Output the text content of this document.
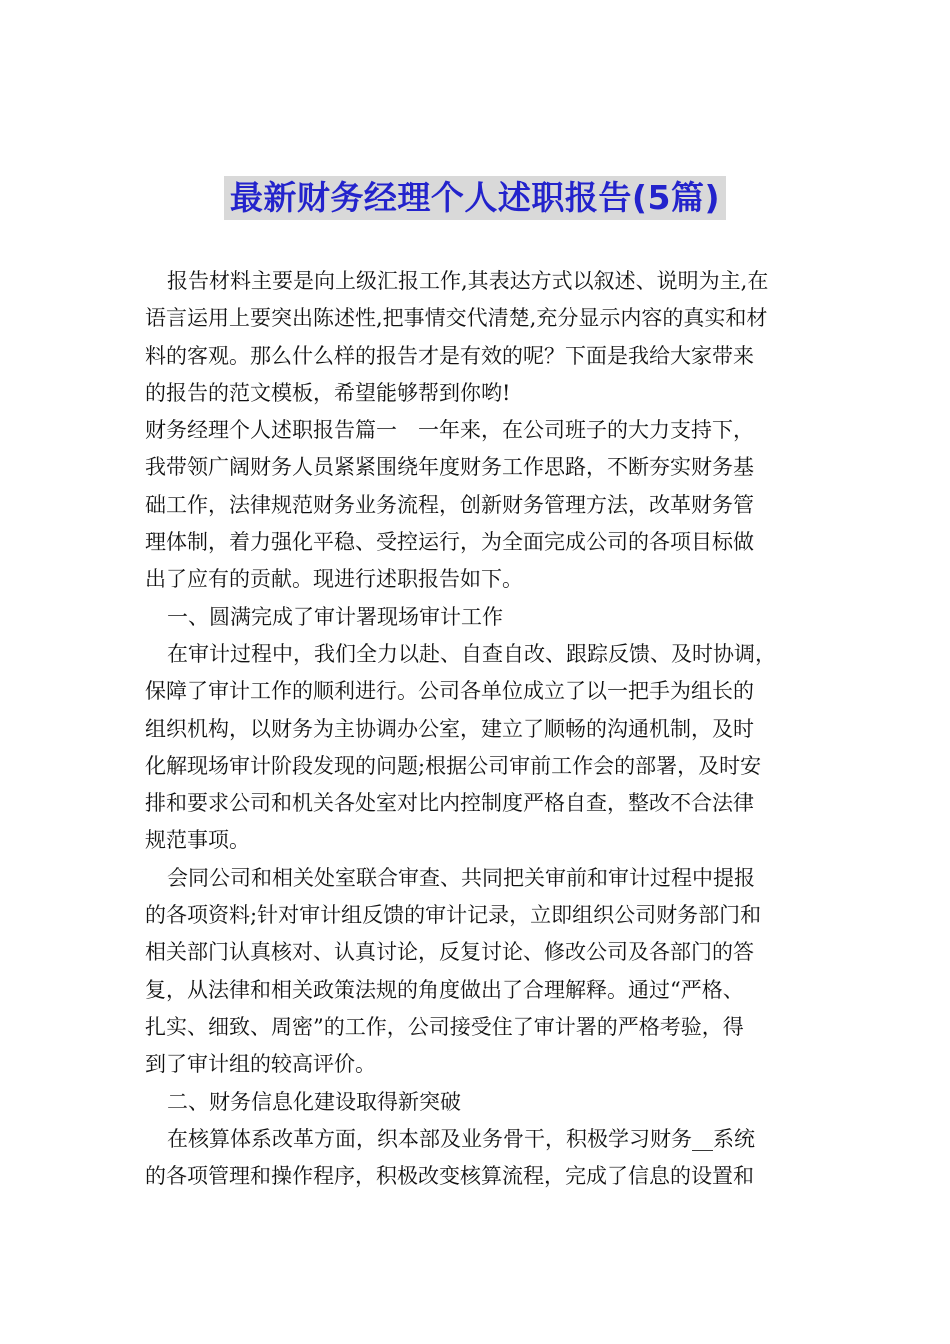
最新财务经理个人述职报告(5篇)
报告材料主要是向上级汇报工作,其表达方式以叙述、说明为主,在
语言运用上要突出陈述性,把事情交代清楚,充分显示内容的真实和材
料的客观。那么什么样的报告才是有效的呢？下面是我给大家带来
的报告的范文模板，希望能够帮到你哟!
财务经理个人述职报告篇一　一年来，在公司班子的大力支持下，
我带领广阔财务人员紧紧围绕年度财务工作思路，不断夯实财务基
础工作，法律规范财务业务流程，创新财务管理方法，改革财务管
理体制，着力强化平稳、受控运行，为全面完成公司的各项目标做
出了应有的贡献。现进行述职报告如下。
一、圆满完成了审计署现场审计工作
在审计过程中，我们全力以赴、自查自改、跟踪反馈、及时协调，
保障了审计工作的顺利进行。公司各单位成立了以一把手为组长的
组织机构，以财务为主协调办公室，建立了顺畅的沟通机制，及时
化解现场审计阶段发现的问题;根据公司审前工作会的部署，及时安
排和要求公司和机关各处室对比内控制度严格自查，整改不合法律
规范事项。
会同公司和相关处室联合审查、共同把关审前和审计过程中提报
的各项资料;针对审计组反馈的审计记录，立即组织公司财务部门和
相关部门认真核对、认真讨论，反复讨论、修改公司及各部门的答
复，从法律和相关政策法规的角度做出了合理解释。通过“严格、
扎实、细致、周密”的工作，公司接受住了审计署的严格考验，得
到了审计组的较高评价。
二、财务信息化建设取得新突破
在核算体系改革方面，织本部及业务骨干，积极学习财务__系统
的各项管理和操作程序，积极改变核算流程，完成了信息的设置和
